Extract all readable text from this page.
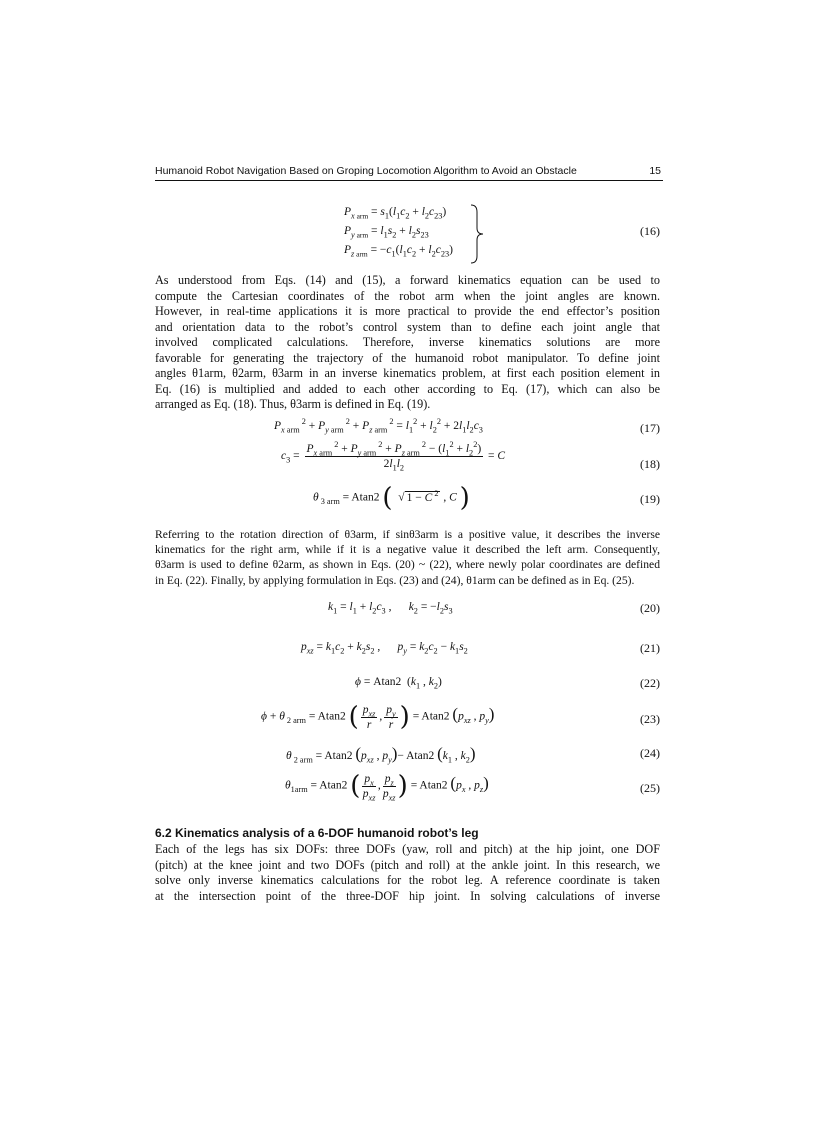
Humanoid Robot Navigation Based on Groping Locomotion Algorithm to Avoid an Obstacle	15
$P_{x arm} = s_1(l_1c_2 + l_2c_{23})$
$P_{y arm} = l_1s_2 + l_2s_{23}$
$P_{z arm} = -c_1(l_1c_2 + l_2c_{23})$
(16)
As understood from Eqs. (14) and (15), a forward kinematics equation can be used to
compute the Cartesian coordinates of the robot arm when the joint angles are known.
However, in real-time applications it is more practical to provide the end effector’s position
and orientation data to the robot’s control system than to define each joint angle that
involved complicated calculations. Therefore, inverse kinematics solutions are more
favorable for generating the trajectory of the humanoid robot manipulator. To define joint
angles θ1arm, θ2arm, θ3arm in an inverse kinematics problem, at first each position element in
Eq. (16) is multiplied and added to each other according to Eq. (17), which can also be
arranged as Eq. (18). Thus, θ3arm is defined in Eq. (19).
$P_{x arm}$ $^2 + P_{y arm}$ $^2 + P_{z arm}$ $^2 = l_1^2 + l_2^2 + 2l_1l_2c_3$	(17)
$c_3 = \frac{P_{x arm} ^2 + P_{y arm} ^2 + P_{z arm} ^2 - (l_1^2 + l_2^2)}{2l_1l_2} = C$
(18)
θ $_{3 arm}$ = Atan2 (  √ 1 − C $^2$ , C )	(19)
Referring to the rotation direction of θ3arm, if sinθ3arm is a positive value, it describes the inverse
kinematics for the right arm, while if it is a negative value it described the left arm. Consequently,
θ3arm is used to define θ2arm, as shown in Eqs. (20) ~ (22), where newly polar coordinates are defined
in Eq. (22). Finally, by applying formulation in Eqs. (23) and (24), θ1arm can be defined as in Eq. (25).
$k_1 = l_1 + l_2c_3$ ,      $k_2 = -l_2s_3$	(20)
$p_{xz} = k_1c_2 + k_2s_2$ ,      $p_y = k_2c_2 - k_1s_2$	(21)
ϕ = Atan2  ($k_1$ , $k_2$)	(22)
ϕ + θ $_{2 arm}$ = Atan2 ( $\frac{p_{xz}}{r}$ , $\frac{p_y}{r}$ ) = Atan2 ($p_{xz}$ , $p_y$)	(23)
θ $_{2 arm}$ = Atan2 ($p_{xz}$ , $p_y)- Atan2$ ($k_1$ , $k_2$)	(24)
$\theta_{1arm} = Atan2$ ( $\frac{p_x}{p_{xz}}$ , $\frac{p_z}{p_{xz}}$ ) = Atan2 ($p_x$ , $p_z$)	(25)
6.2 Kinematics analysis of a 6-DOF humanoid robot’s leg
Each of the legs has six DOFs: three DOFs (yaw, roll and pitch) at the hip joint, one DOF
(pitch) at the knee joint and two DOFs (pitch and roll) at the ankle joint. In this research, we
solve only inverse kinematics calculations for the robot leg. A reference coordinate is taken
at the intersection point of the three-DOF hip joint. In solving calculations of inverse
